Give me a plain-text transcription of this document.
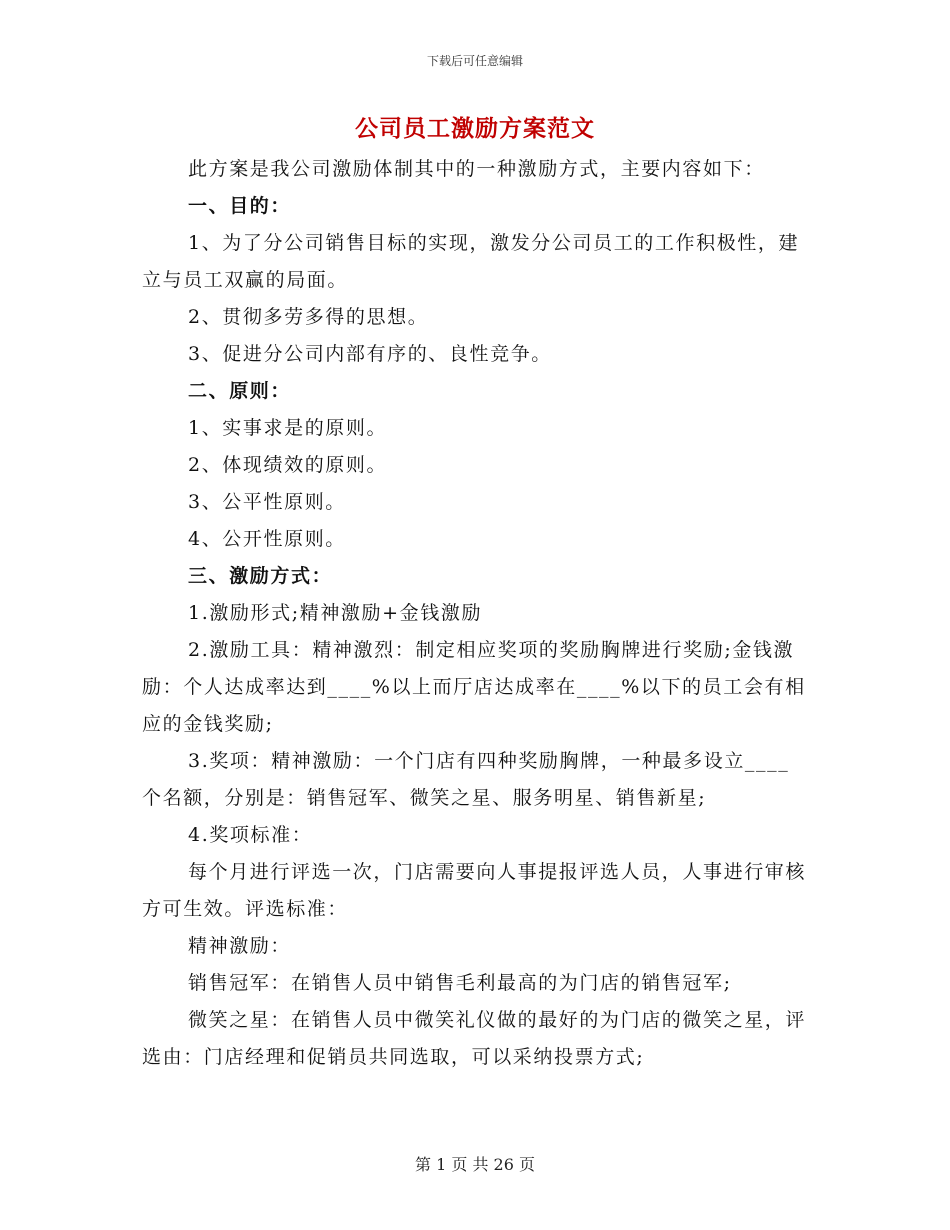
下载后可任意编辑
公司员工激励方案范文

此方案是我公司激励体制其中的一种激励方式，主要内容如下：

一、目的：

1、为了分公司销售目标的实现，激发分公司员工的工作积极性，建立与员工双赢的局面。

2、贯彻多劳多得的思想。

3、促进分公司内部有序的、良性竞争。

二、原则：

1、实事求是的原则。

2、体现绩效的原则。

3、公平性原则。

4、公开性原则。

三、激励方式：

1.激励形式;精神激励+金钱激励

2.激励工具：精神激烈：制定相应奖项的奖励胸牌进行奖励;金钱激励：个人达成率达到____%以上而厅店达成率在____%以下的员工会有相应的金钱奖励;

3.奖项：精神激励：一个门店有四种奖励胸牌，一种最多设立____个名额，分别是：销售冠军、微笑之星、服务明星、销售新星;

4.奖项标准：

每个月进行评选一次，门店需要向人事提报评选人员，人事进行审核方可生效。评选标准：

精神激励：

销售冠军：在销售人员中销售毛利最高的为门店的销售冠军;

微笑之星：在销售人员中微笑礼仪做的最好的为门店的微笑之星，评选由：门店经理和促销员共同选取，可以采纳投票方式;

第 1 页 共 26 页
